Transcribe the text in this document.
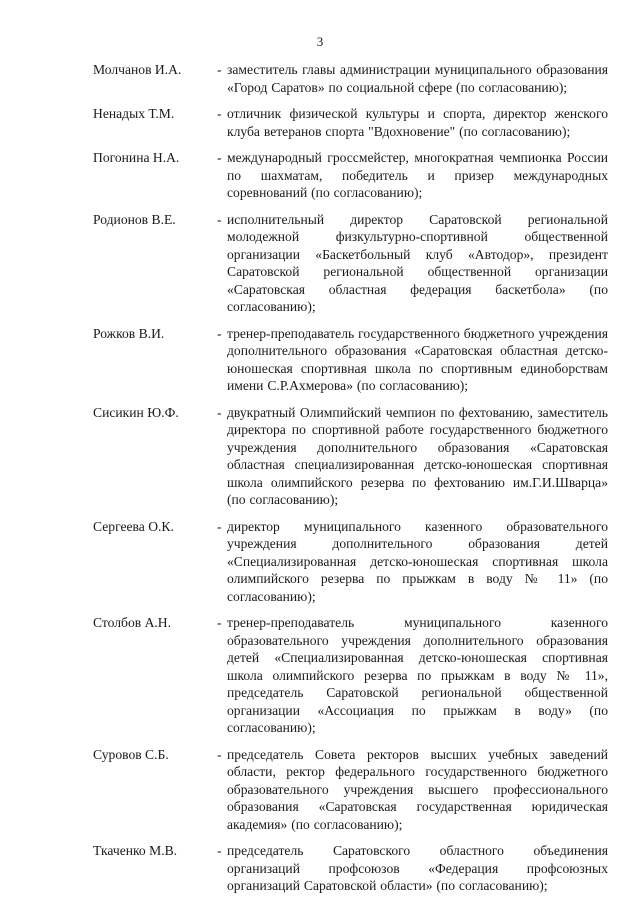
3
Молчанов И.А.	- заместитель главы администрации муниципального образования «Город Саратов» по социальной сфере (по согласованию);
Ненадых Т.М.	- отличник физической культуры и спорта, директор женского клуба ветеранов спорта "Вдохновение" (по согласованию);
Погонина Н.А.	- международный гроссмейстер, многократная чемпионка России по шахматам, победитель и призер международных соревнований (по согласованию);
Родионов В.Е.	- исполнительный директор Саратовской региональной молодежной физкультурно-спортивной общественной организации «Баскетбольный клуб «Автодор», президент Саратовской региональной общественной организации «Саратовская областная федерация баскетбола» (по согласованию);
Рожков В.И.	- тренер-преподаватель государственного бюджетного учреждения дополнительного образования «Саратовская областная детско-юношеская спортивная школа по спортивным единоборствам имени С.Р.Ахмерова» (по согласованию);
Сисикин Ю.Ф.	- двукратный Олимпийский чемпион по фехтованию, заместитель директора по спортивной работе государственного бюджетного учреждения дополнительного образования «Саратовская областная специализированная детско-юношеская спортивная школа олимпийского резерва по фехтованию им.Г.И.Шварца» (по согласованию);
Сергеева О.К.	- директор муниципального казенного образовательного учреждения дополнительного образования детей «Специализированная детско-юношеская спортивная школа олимпийского резерва по прыжкам в воду № 11» (по согласованию);
Столбов А.Н.	- тренер-преподаватель муниципального казенного образовательного учреждения дополнительного образования детей «Специализированная детско-юношеская спортивная школа олимпийского резерва по прыжкам в воду № 11», председатель Саратовской региональной общественной организации «Ассоциация по прыжкам в воду» (по согласованию);
Суровов С.Б.	- председатель Совета ректоров высших учебных заведений области, ректор федерального государственного бюджетного образовательного учреждения высшего профессионального образования «Саратовская государственная юридическая академия» (по согласованию);
Ткаченко М.В.	- председатель Саратовского областного объединения организаций профсоюзов «Федерация профсоюзных организаций Саратовской области» (по согласованию);
